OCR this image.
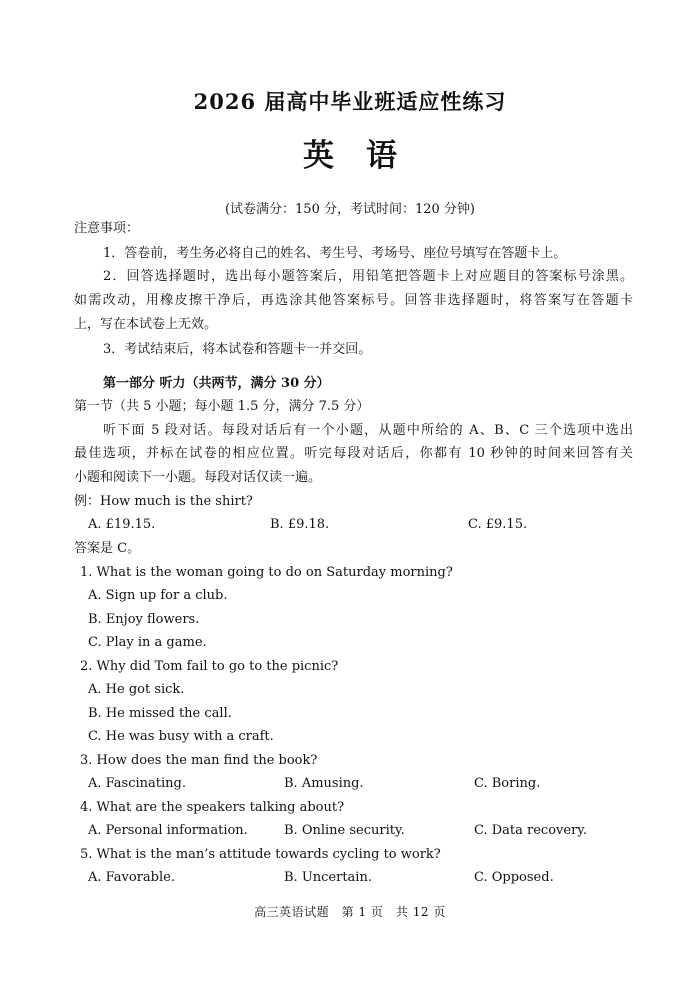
2026 届高中毕业班适应性练习
英语
(试卷满分：150 分，考试时间：120 分钟)
注意事项：
1．答卷前，考生务必将自己的姓名、考生号、考场号、座位号填写在答题卡上。
2．回答选择题时，选出每小题答案后，用铅笔把答题卡上对应题目的答案标号涂黑。
如需改动，用橡皮擦干净后，再选涂其他答案标号。回答非选择题时，将答案写在答题卡
上，写在本试卷上无效。
3．考试结束后，将本试卷和答题卡一并交回。
第一部分 听力（共两节，满分 30 分）
第一节（共 5 小题；每小题 1.5 分，满分 7.5 分）
听下面 5 段对话。每段对话后有一个小题，从题中所给的 A、B、C 三个选项中选出
最佳选项，并标在试卷的相应位置。听完每段对话后，你都有 10 秒钟的时间来回答有关
小题和阅读下一小题。每段对话仅读一遍。
例：How much is the shirt?
A. £19.15.	B. £9.18.	C. £9.15.
答案是 C。
1. What is the woman going to do on Saturday morning?
A. Sign up for a club.
B. Enjoy flowers.
C. Play in a game.
2. Why did Tom fail to go to the picnic?
A. He got sick.
B. He missed the call.
C. He was busy with a craft.
3. How does the man find the book?
A. Fascinating.	B. Amusing.	C. Boring.
4. What are the speakers talking about?
A. Personal information.	B. Online security.	C. Data recovery.
5. What is the man’s attitude towards cycling to work?
A. Favorable.	B. Uncertain.	C. Opposed.
高三英语试题　第 1 页　共 12 页
